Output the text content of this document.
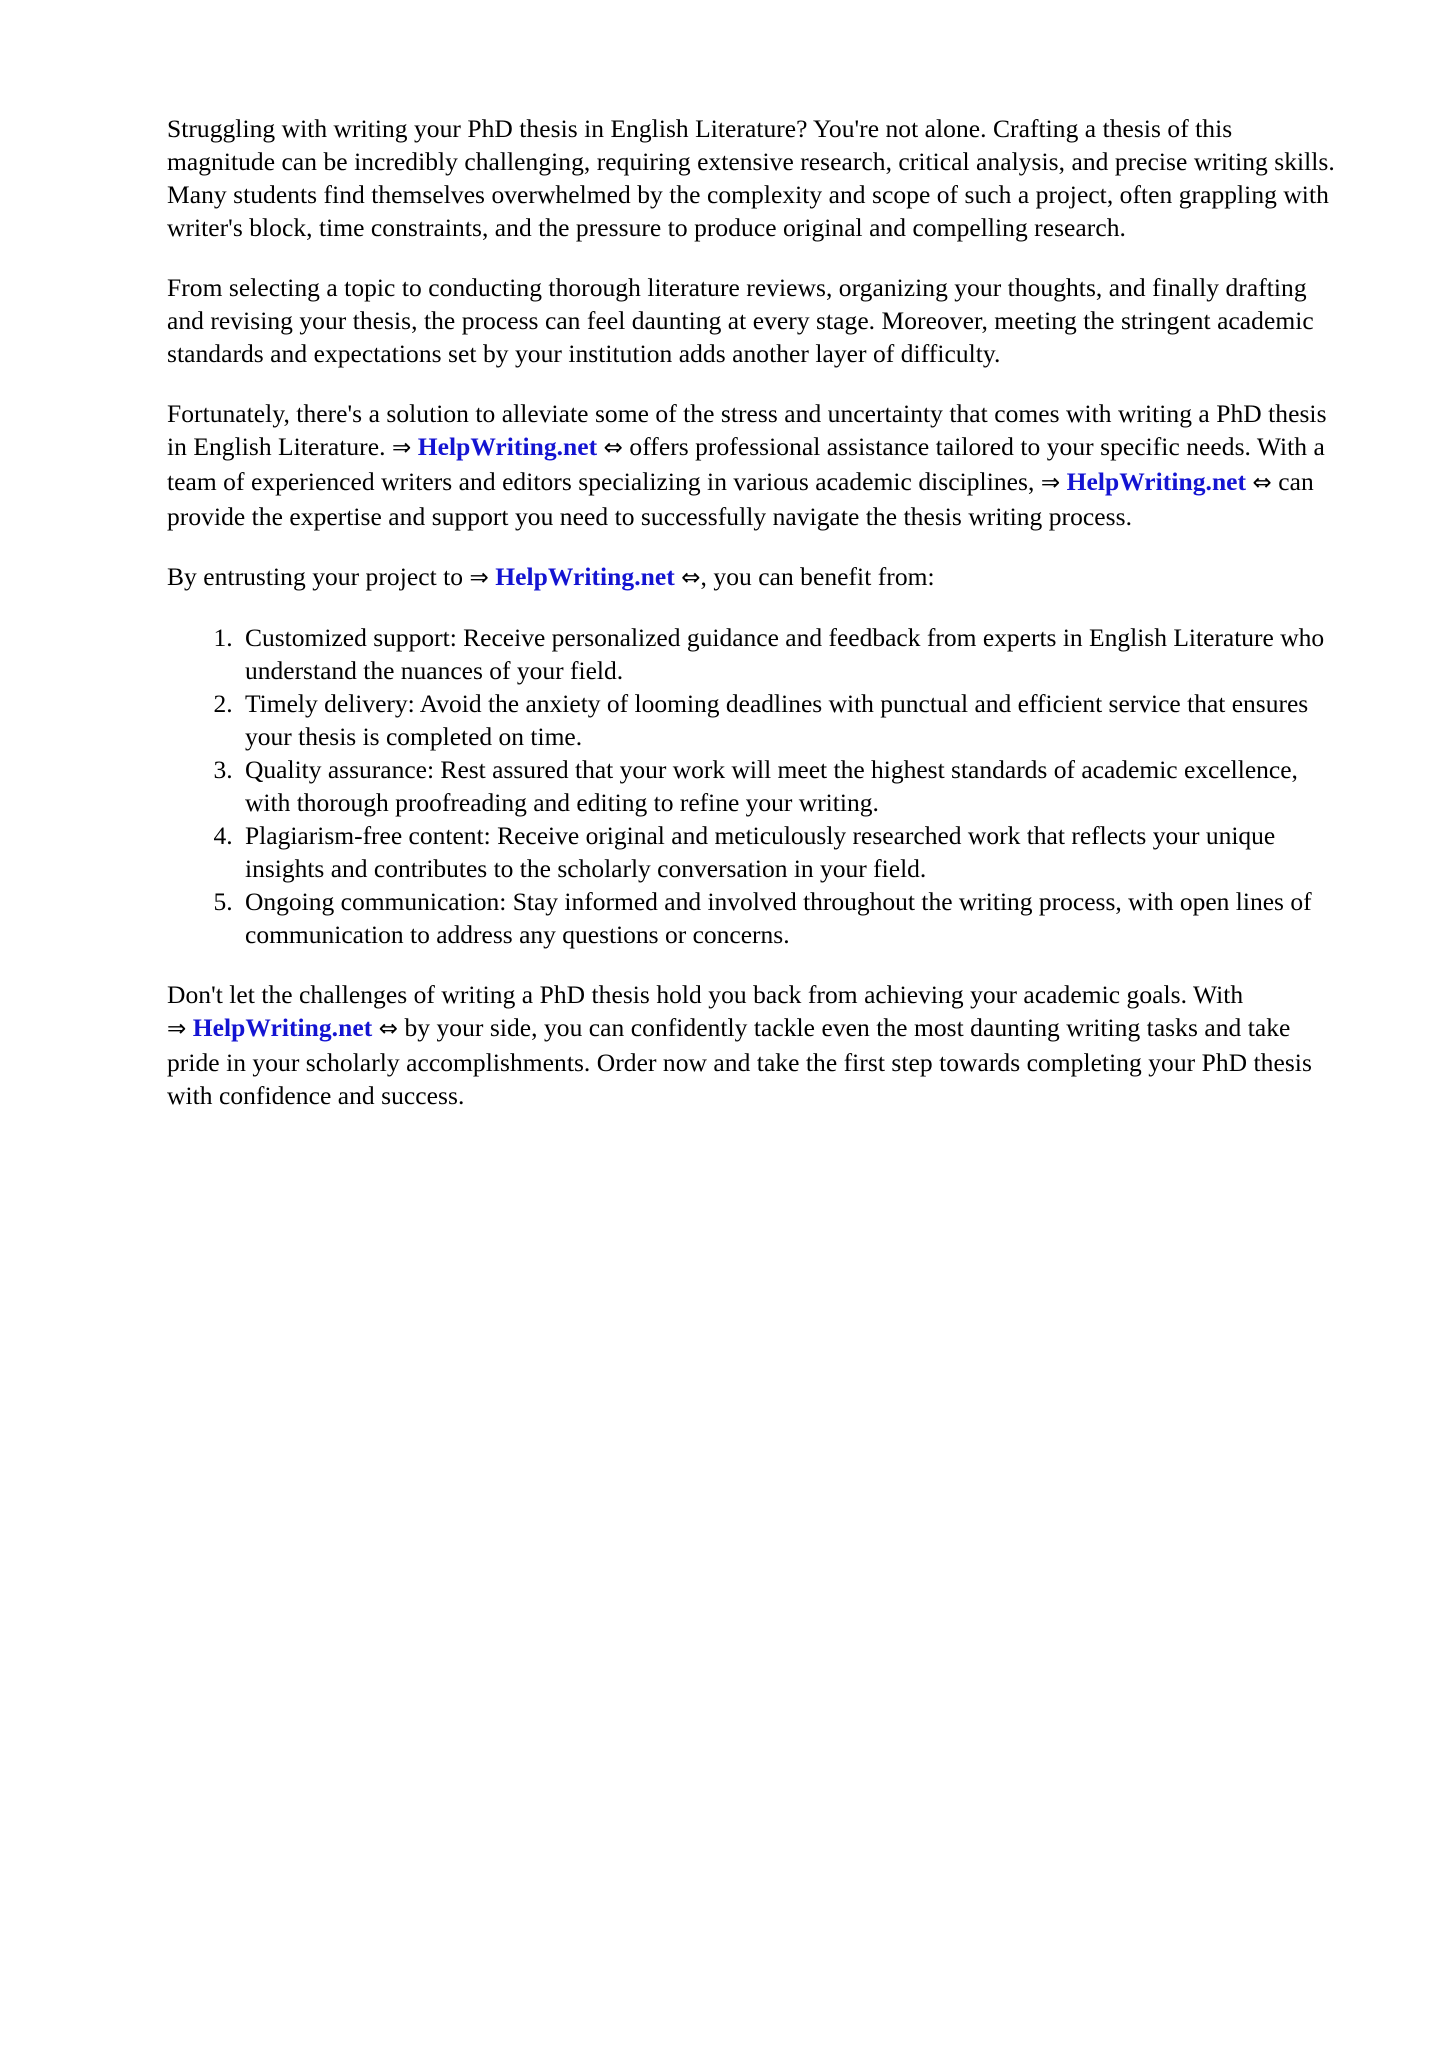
Struggling with writing your PhD thesis in English Literature? You're not alone. Crafting a thesis of this magnitude can be incredibly challenging, requiring extensive research, critical analysis, and precise writing skills. Many students find themselves overwhelmed by the complexity and scope of such a project, often grappling with writer's block, time constraints, and the pressure to produce original and compelling research.

From selecting a topic to conducting thorough literature reviews, organizing your thoughts, and finally drafting and revising your thesis, the process can feel daunting at every stage. Moreover, meeting the stringent academic standards and expectations set by your institution adds another layer of difficulty.

Fortunately, there's a solution to alleviate some of the stress and uncertainty that comes with writing a PhD thesis in English Literature. ⇒ HelpWriting.net ⇔ offers professional assistance tailored to your specific needs. With a team of experienced writers and editors specializing in various academic disciplines, ⇒ HelpWriting.net ⇔ can provide the expertise and support you need to successfully navigate the thesis writing process.

By entrusting your project to ⇒ HelpWriting.net ⇔, you can benefit from:

1. Customized support: Receive personalized guidance and feedback from experts in English Literature who understand the nuances of your field.
2. Timely delivery: Avoid the anxiety of looming deadlines with punctual and efficient service that ensures your thesis is completed on time.
3. Quality assurance: Rest assured that your work will meet the highest standards of academic excellence, with thorough proofreading and editing to refine your writing.
4. Plagiarism-free content: Receive original and meticulously researched work that reflects your unique insights and contributes to the scholarly conversation in your field.
5. Ongoing communication: Stay informed and involved throughout the writing process, with open lines of communication to address any questions or concerns.

Don't let the challenges of writing a PhD thesis hold you back from achieving your academic goals. With ⇒ HelpWriting.net ⇔ by your side, you can confidently tackle even the most daunting writing tasks and take pride in your scholarly accomplishments. Order now and take the first step towards completing your PhD thesis with confidence and success.
